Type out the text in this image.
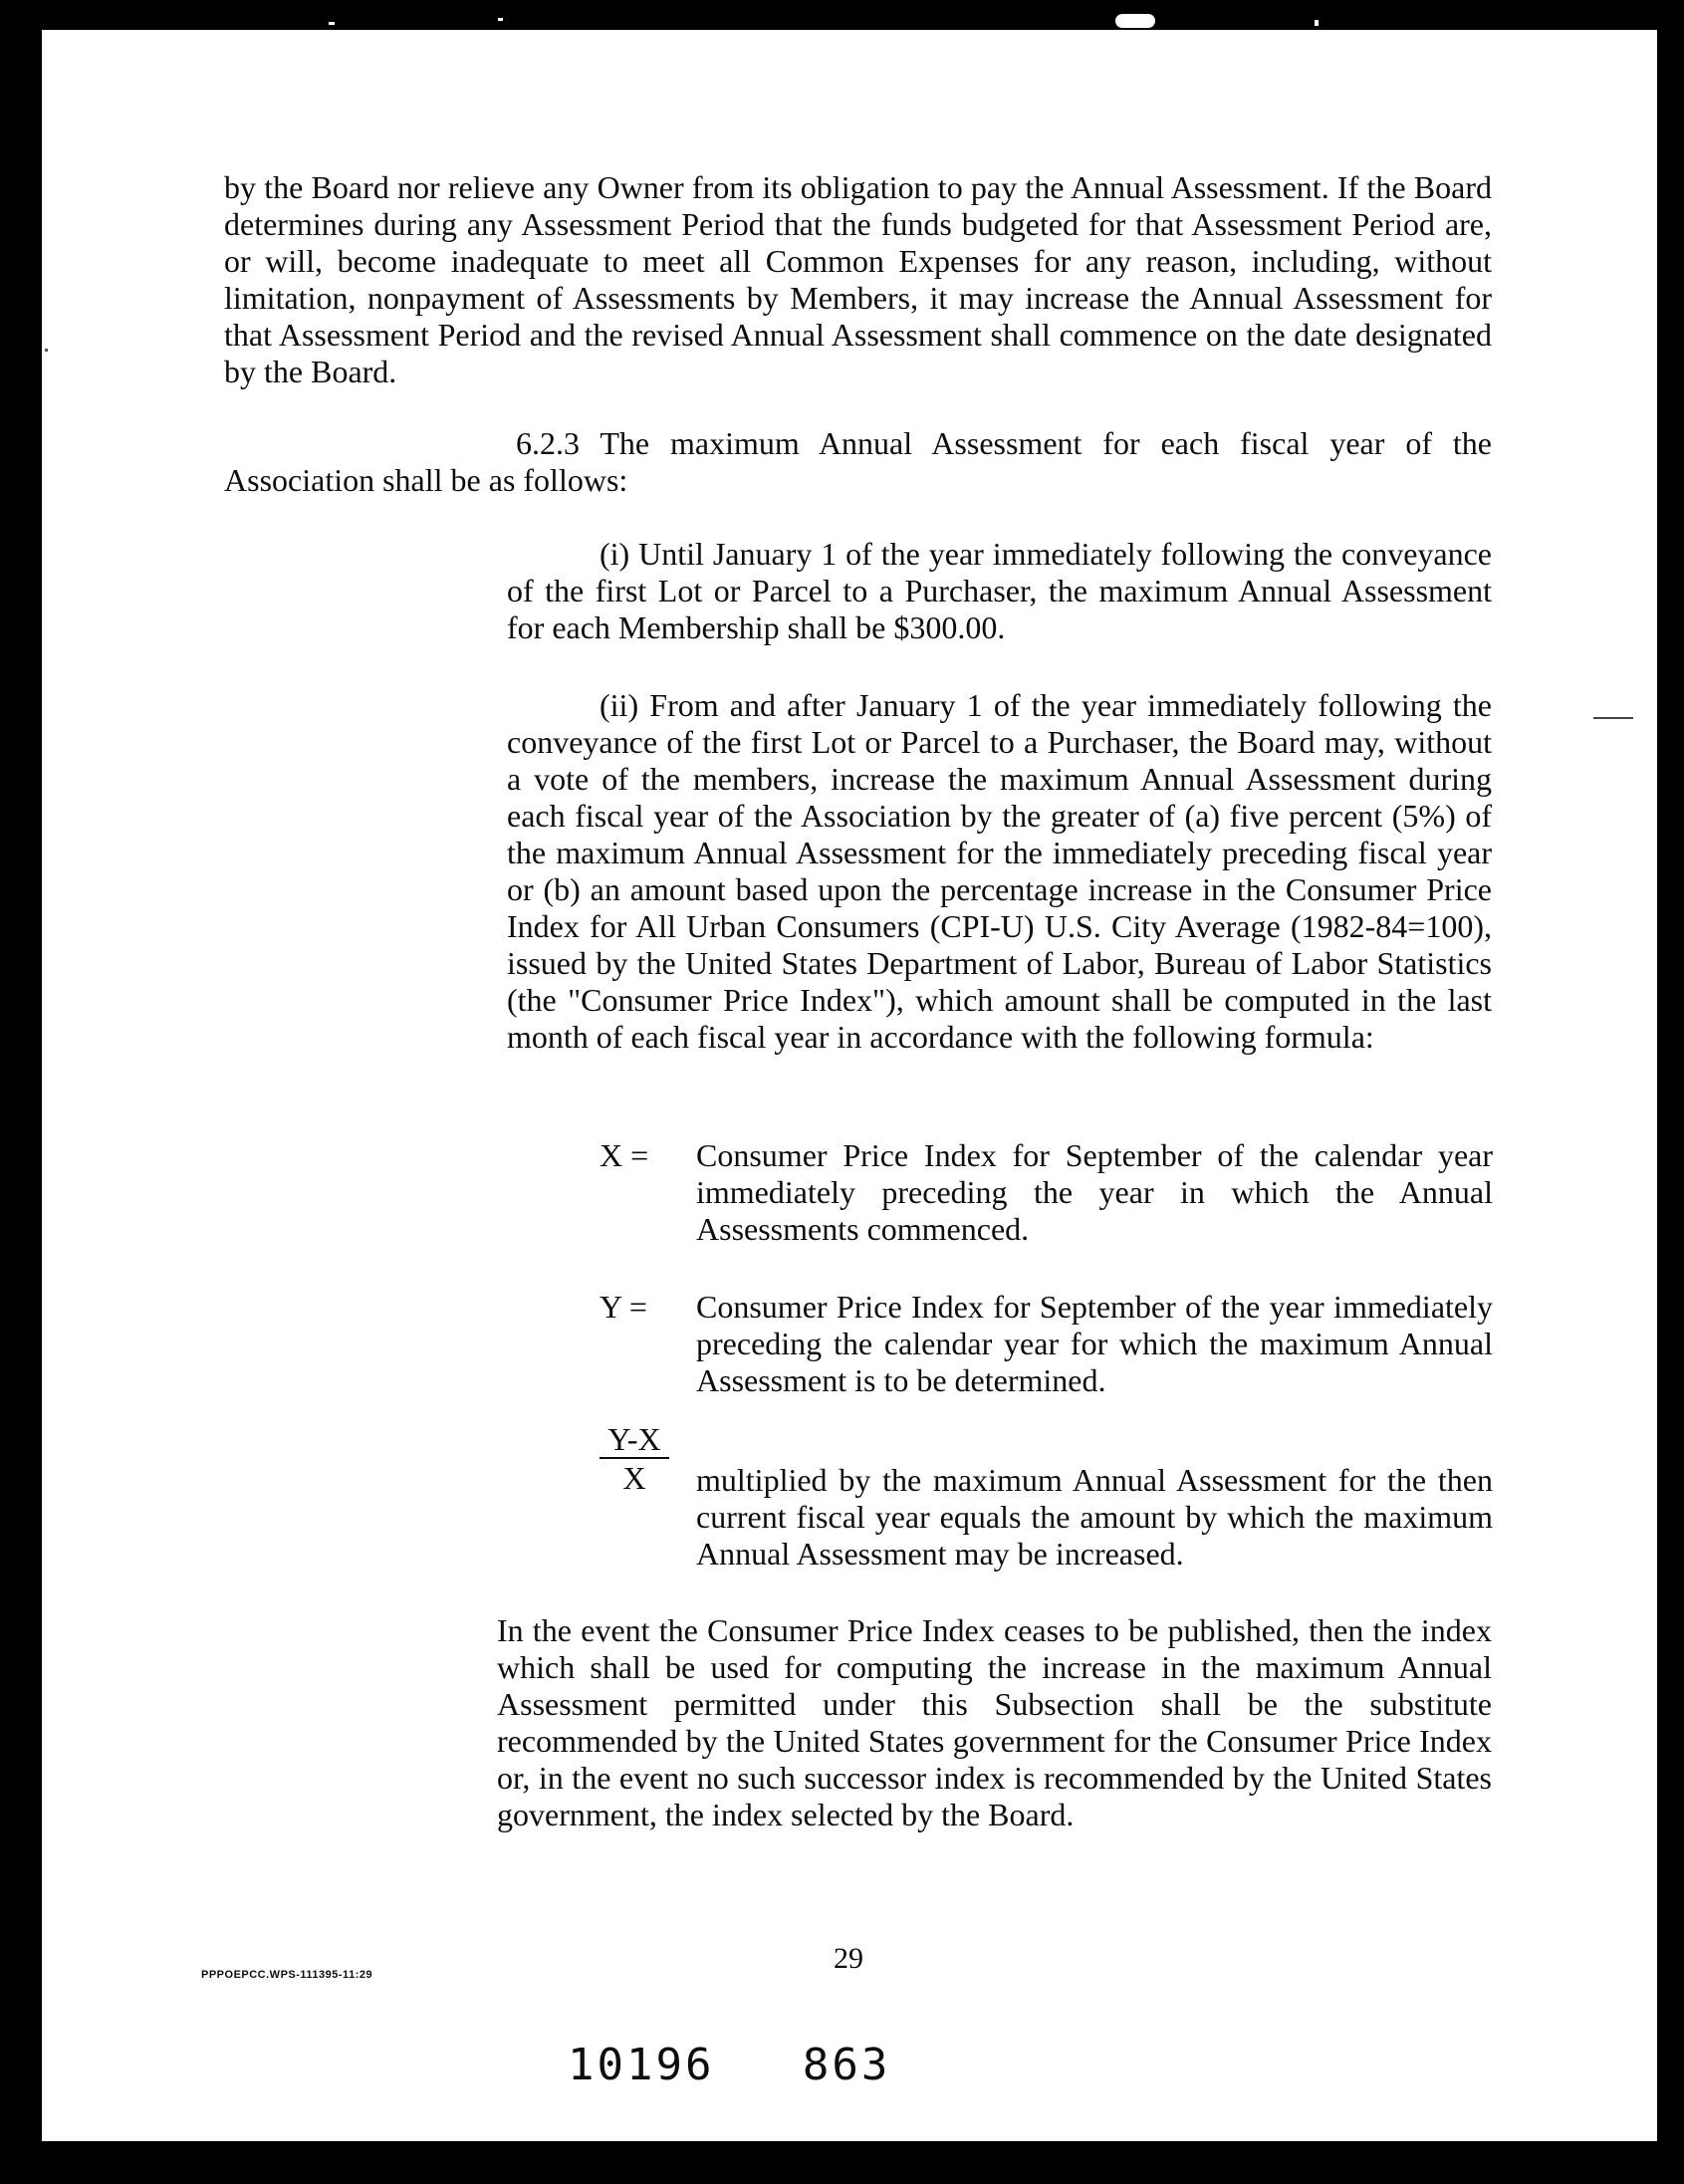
by the Board nor relieve any Owner from its obligation to pay the Annual Assessment. If the Board determines during any Assessment Period that the funds budgeted for that Assessment Period are, or will, become inadequate to meet all Common Expenses for any reason, including, without limitation, nonpayment of Assessments by Members, it may increase the Annual Assessment for that Assessment Period and the revised Annual Assessment shall commence on the date designated by the Board.

6.2.3 The maximum Annual Assessment for each fiscal year of the Association shall be as follows:

(i) Until January 1 of the year immediately following the conveyance of the first Lot or Parcel to a Purchaser, the maximum Annual Assessment for each Membership shall be $300.00.

(ii) From and after January 1 of the year immediately following the conveyance of the first Lot or Parcel to a Purchaser, the Board may, without a vote of the members, increase the maximum Annual Assessment during each fiscal year of the Association by the greater of (a) five percent (5%) of the maximum Annual Assessment for the immediately preceding fiscal year or (b) an amount based upon the percentage increase in the Consumer Price Index for All Urban Consumers (CPI-U) U.S. City Average (1982-84=100), issued by the United States Department of Labor, Bureau of Labor Statistics (the "Consumer Price Index"), which amount shall be computed in the last month of each fiscal year in accordance with the following formula:

X =	Consumer Price Index for September of the calendar year immediately preceding the year in which the Annual Assessments commenced.

Y =	Consumer Price Index for September of the year immediately preceding the calendar year for which the maximum Annual Assessment is to be determined.

$\frac{Y-X}{X}$ multiplied by the maximum Annual Assessment for the then current fiscal year equals the amount by which the maximum Annual Assessment may be increased.

In the event the Consumer Price Index ceases to be published, then the index which shall be used for computing the increase in the maximum Annual Assessment permitted under this Subsection shall be the substitute recommended by the United States government for the Consumer Price Index or, in the event no such successor index is recommended by the United States government, the index selected by the Board.

PPPOEPCC.WPS-111395-11:29	29
10196   863
